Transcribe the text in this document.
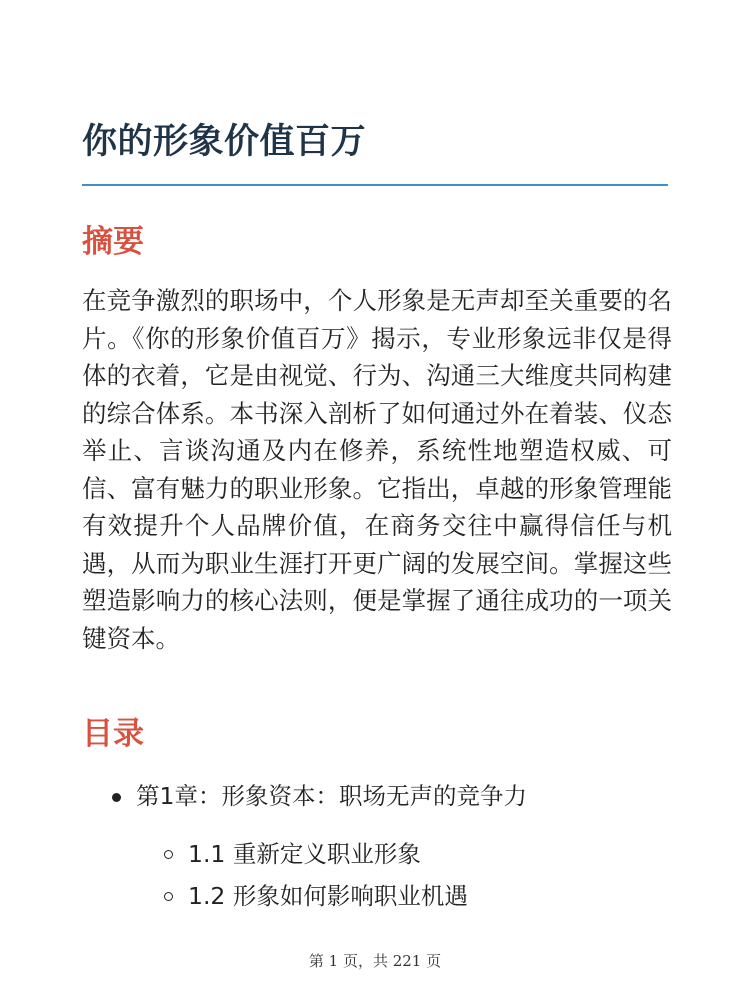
你的形象价值百万
摘要

在竞争激烈的职场中，个人形象是无声却至关重要的名片。《你的形象价值百万》揭示，专业形象远非仅是得体的衣着，它是由视觉、行为、沟通三大维度共同构建的综合体系。本书深入剖析了如何通过外在着装、仪态举止、言谈沟通及内在修养，系统性地塑造权威、可信、富有魅力的职业形象。它指出，卓越的形象管理能有效提升个人品牌价值，在商务交往中赢得信任与机遇，从而为职业生涯打开更广阔的发展空间。掌握这些塑造影响力的核心法则，便是掌握了通往成功的一项关键资本。

目录
第1章：形象资本：职场无声的竞争力
1.1 重新定义职业形象
1.2 形象如何影响职业机遇
第 1 页，共 221 页
